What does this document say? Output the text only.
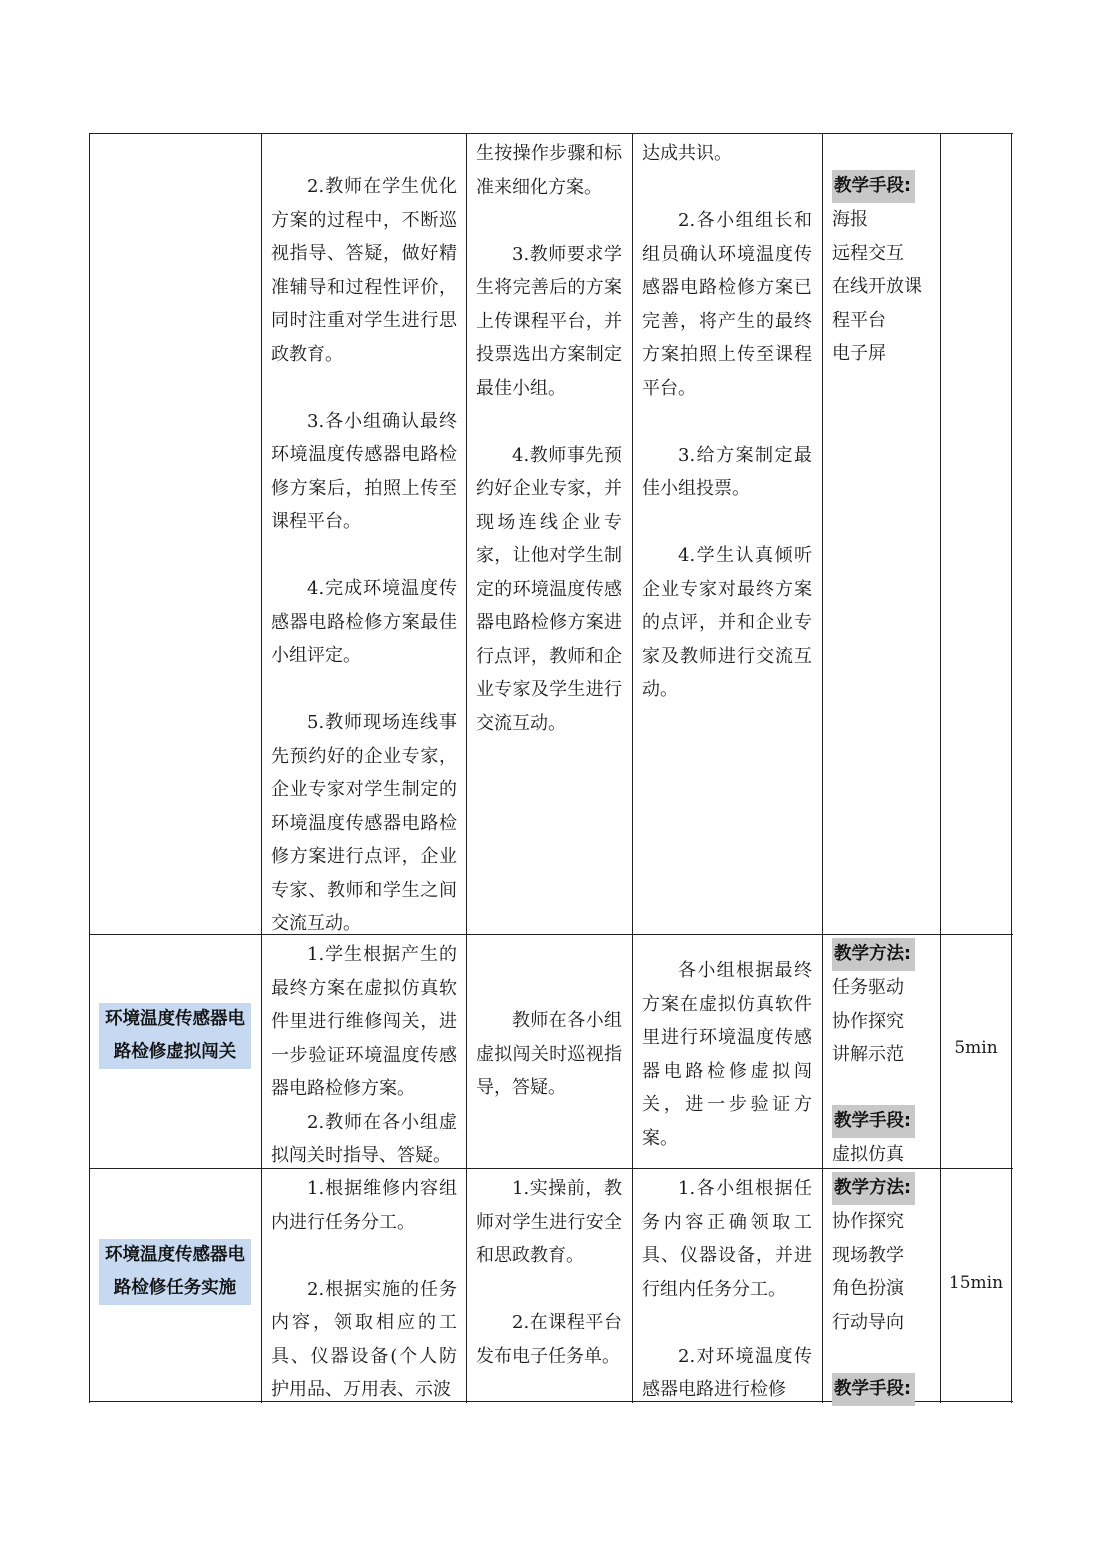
2.教师在学生优化方案的过程中，不断巡视指导、答疑，做好精准辅导和过程性评价，同时注重对学生进行思政教育。

3.各小组确认最终环境温度传感器电路检修方案后，拍照上传至课程平台。

4.完成环境温度传感器电路检修方案最佳小组评定。

5.教师现场连线事先预约好的企业专家，企业专家对学生制定的环境温度传感器电路检修方案进行点评，企业专家、教师和学生之间交流互动。

生按操作步骤和标准来细化方案。

3.教师要求学生将完善后的方案上传课程平台，并投票选出方案制定最佳小组。

4.教师事先预约好企业专家，并现场连线企业专家，让他对学生制定的环境温度传感器电路检修方案进行点评，教师和企业专家及学生进行交流互动。

达成共识。

2.各小组组长和组员确认环境温度传感器电路检修方案已完善，将产生的最终方案拍照上传至课程平台。

3.给方案制定最佳小组投票。

4.学生认真倾听企业专家对最终方案的点评，并和企业专家及教师进行交流互动。

教学手段:

海报

远程交互

在线开放课程平台

电子屏

环境温度传感器电路检修虚拟闯关

1.学生根据产生的最终方案在虚拟仿真软件里进行维修闯关，进一步验证环境温度传感器电路检修方案。

2.教师在各小组虚拟闯关时指导、答疑。

教师在各小组虚拟闯关时巡视指导，答疑。

各小组根据最终方案在虚拟仿真软件里进行环境温度传感器电路检修虚拟闯关，进一步验证方案。

教学方法:

任务驱动

协作探究

讲解示范

教学手段:

虚拟仿真

5min
环境温度传感器电路检修任务实施

1.根据维修内容组内进行任务分工。

2.根据实施的任务内容，领取相应的工具、仪器设备(个人防护用品、万用表、示波

1.实操前，教师对学生进行安全和思政教育。

2.在课程平台发布电子任务单。

1.各小组根据任务内容正确领取工具、仪器设备，并进行组内任务分工。

2.对环境温度传感器电路进行检修

教学方法:

协作探究

现场教学

角色扮演

行动导向

教学手段:
15min
